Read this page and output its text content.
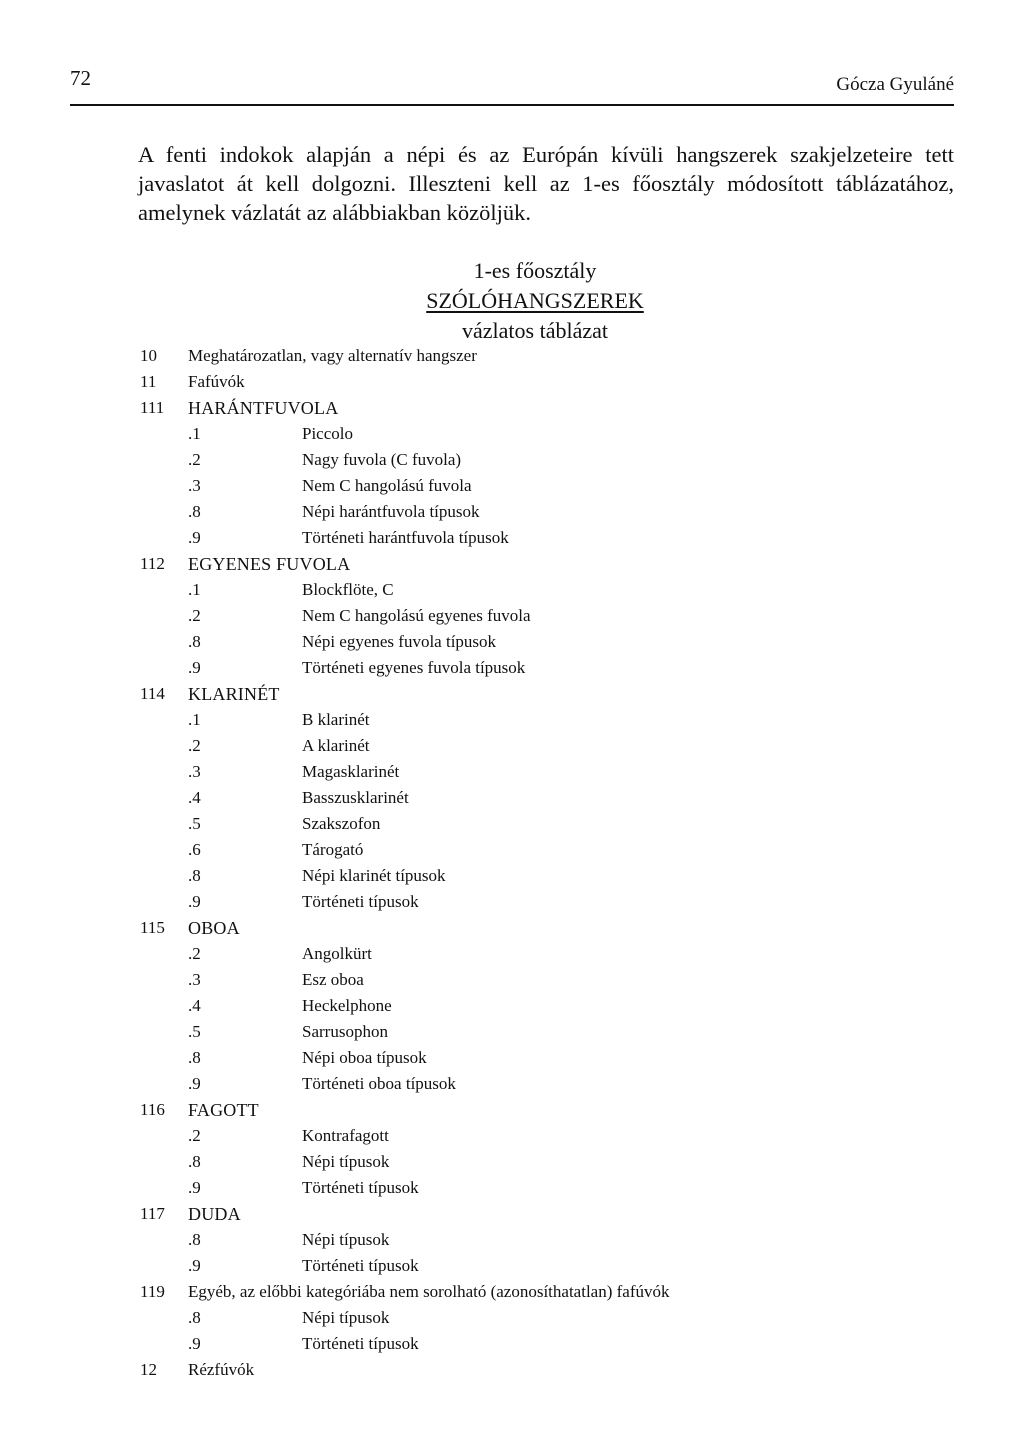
72	Gócza Gyuláné

A fenti indokok alapján a népi és az Európán kívüli hangszerek szakjelzeteire tett javaslatot át kell dolgozni. Illeszteni kell az 1-es főosztály módosított táblázatához, amelynek vázlatát az alábbiakban közöljük.

1-es főosztály
SZÓLÓHANGSZEREK
vázlatos táblázat
10	Meghatározatlan, vagy alternatív hangszer
11	Fafúvók
111	HARÁNTFUVOLA
.1	Piccolo
.2	Nagy fuvola (C fuvola)
.3	Nem C hangolású fuvola
.8	Népi harántfuvola típusok
.9	Történeti harántfuvola típusok
112	EGYENES FUVOLA
.1	Blockflöte, C
.2	Nem C hangolású egyenes fuvola
.8	Népi egyenes fuvola típusok
.9	Történeti egyenes fuvola típusok
114	KLARINÉT
.1	B klarinét
.2	A klarinét
.3	Magasklarinét
.4	Basszusklarinét
.5	Szakszofon
.6	Tárogató
.8	Népi klarinét típusok
.9	Történeti típusok
115	OBOA
.2	Angolkürt
.3	Esz oboa
.4	Heckelphone
.5	Sarrusophon
.8	Népi oboa típusok
.9	Történeti oboa típusok
116	FAGOTT
.2	Kontrafagott
.8	Népi típusok
.9	Történeti típusok
117	DUDA
.8	Népi típusok
.9	Történeti típusok
119	Egyéb, az előbbi kategóriába nem sorolható (azonosíthatatlan) fafúvók
.8	Népi típusok
.9	Történeti típusok
12	Rézfúvók
